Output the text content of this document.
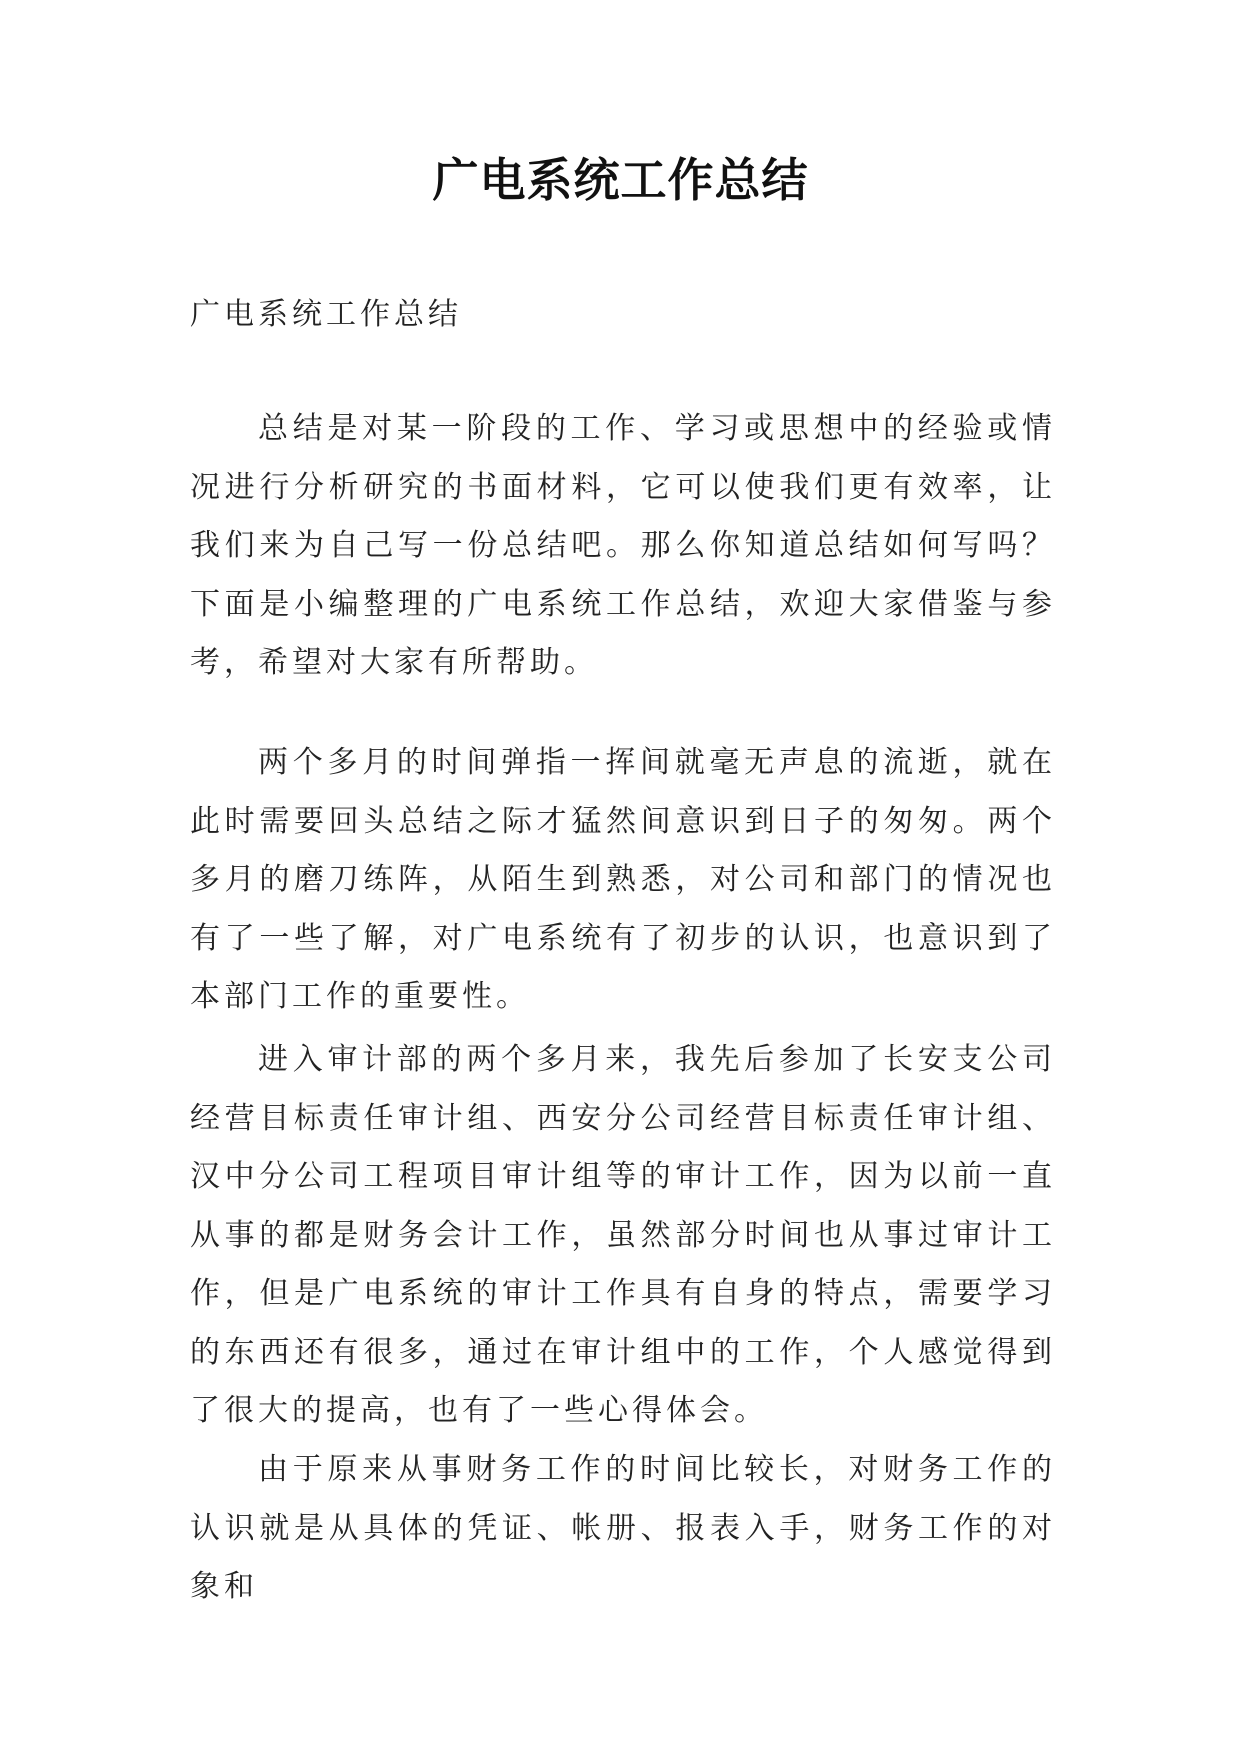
广电系统工作总结
广电系统工作总结

总结是对某一阶段的工作、学习或思想中的经验或情况进行分析研究的书面材料，它可以使我们更有效率，让我们来为自己写一份总结吧。那么你知道总结如何写吗？下面是小编整理的广电系统工作总结，欢迎大家借鉴与参考，希望对大家有所帮助。

两个多月的时间弹指一挥间就毫无声息的流逝，就在此时需要回头总结之际才猛然间意识到日子的匆匆。两个多月的磨刀练阵，从陌生到熟悉，对公司和部门的情况也有了一些了解，对广电系统有了初步的认识，也意识到了本部门工作的重要性。

进入审计部的两个多月来，我先后参加了长安支公司经营目标责任审计组、西安分公司经营目标责任审计组、汉中分公司工程项目审计组等的审计工作，因为以前一直从事的都是财务会计工作，虽然部分时间也从事过审计工作，但是广电系统的审计工作具有自身的特点，需要学习的东西还有很多，通过在审计组中的工作，个人感觉得到了很大的提高，也有了一些心得体会。

由于原来从事财务工作的时间比较长，对财务工作的认识就是从具体的凭证、帐册、报表入手，财务工作的对象和
